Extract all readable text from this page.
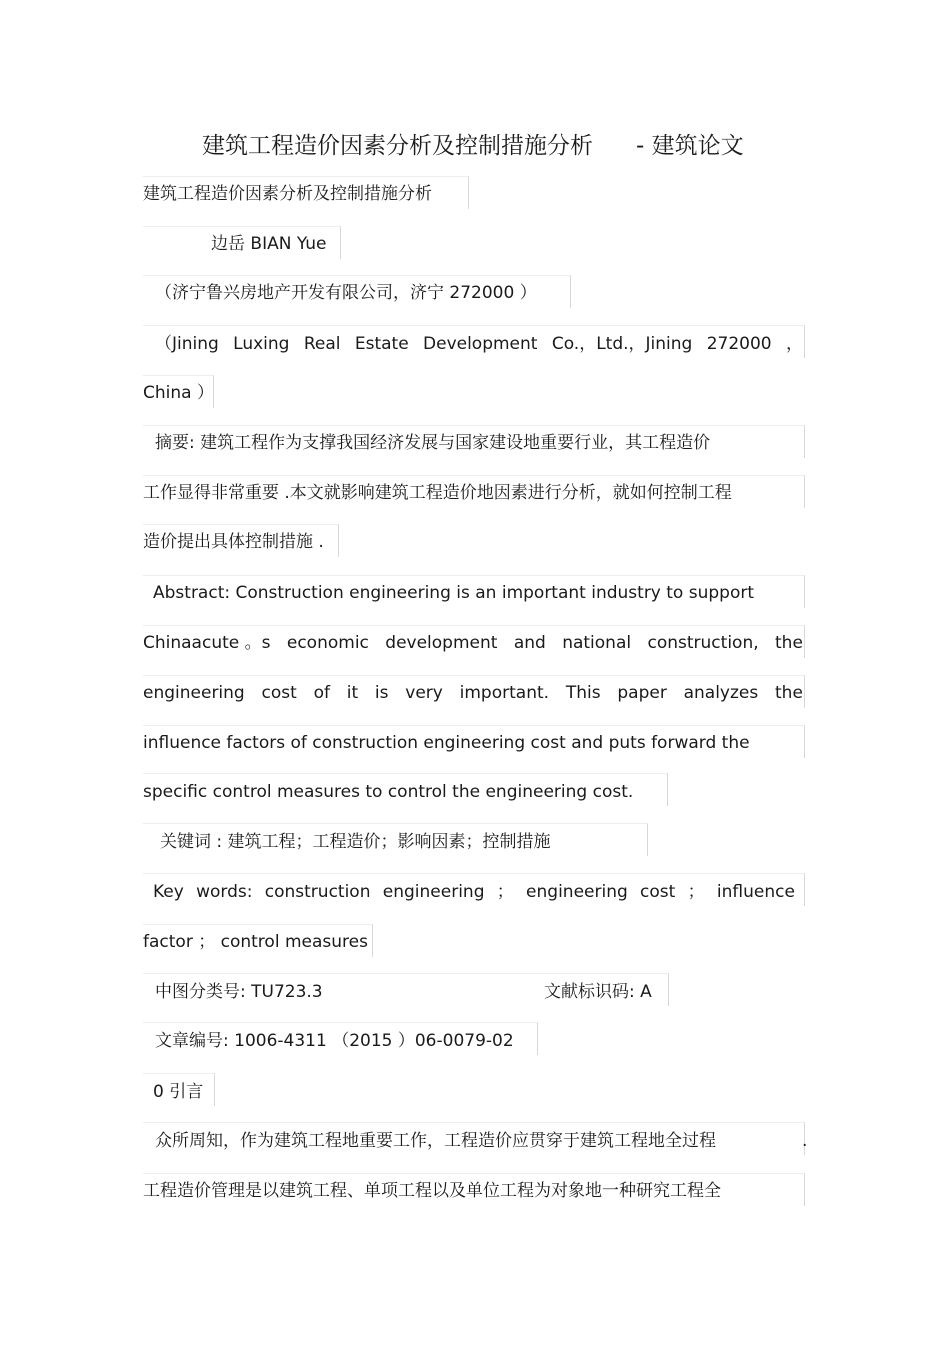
建筑工程造价因素分析及控制措施分析 - 建筑论文
建筑工程造价因素分析及控制措施分析
边岳 BIAN Yue
（济宁鲁兴房地产开发有限公司，济宁 272000 ）
（Jining Luxing Real Estate Development Co.，Ltd.，Jining 272000 ，
China ）
摘要: 建筑工程作为支撑我国经济发展与国家建设地重要行业，其工程造价
工作显得非常重要 .本文就影响建筑工程造价地因素进行分析，就如何控制工程
造价提出具体控制措施 .
Abstract: Construction engineering is an important industry to support
Chinaacute 。s economic development and national construction, the
engineering cost of it is very important. This paper analyzes the
influence factors of construction engineering cost and puts forward the
specific control measures to control the engineering cost.
关键词 : 建筑工程；工程造价；影响因素；控制措施
Key words: construction engineering ； engineering cost ； influence
factor ； control measures
中图分类号: TU723.3	文献标识码: A
文章编号: 1006-4311 （2015 ）06-0079-02
0 引言
众所周知，作为建筑工程地重要工作，工程造价应贯穿于建筑工程地全过程	.
工程造价管理是以建筑工程、单项工程以及单位工程为对象地一种研究工程全
